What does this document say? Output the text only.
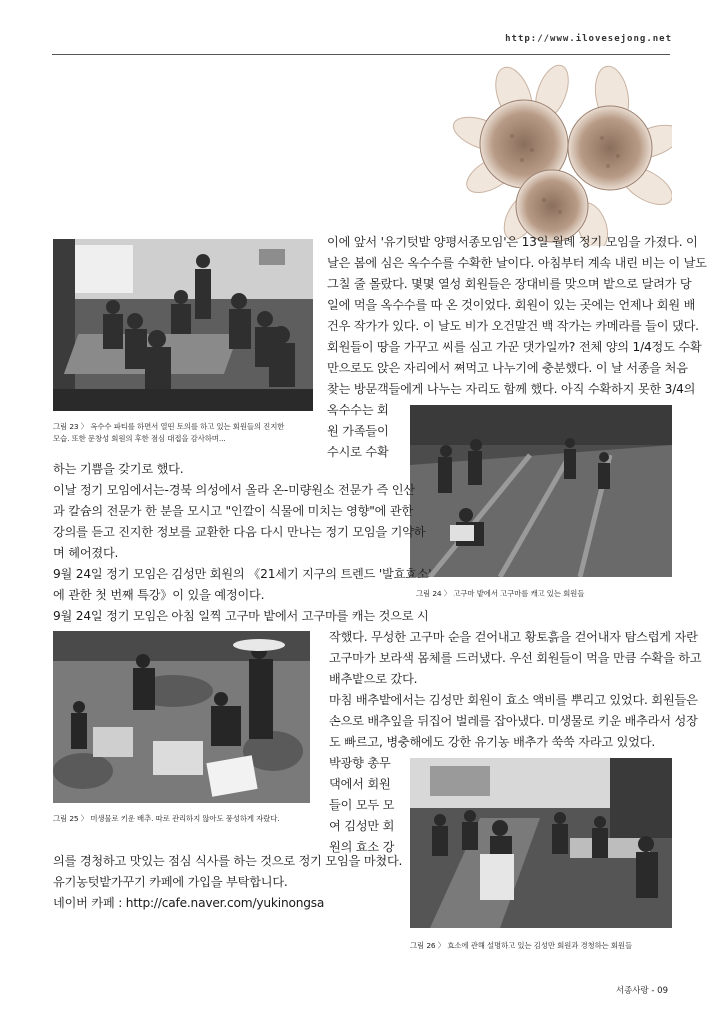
http://www.ilovesejong.net
그림 23 〉 옥수수 파티를 하면서 열띤 토의를 하고 있는 회원들의 진지한
모습. 또한 문창성 회원의 후한 점심 대접을 감사하며...
이에 앞서 '유기텃밭 양평서종모임'은 13일 월례 정기 모임을 가졌다. 이
날은 봄에 심은 옥수수를 수확한 날이다. 아침부터 계속 내린 비는 이 날도
그칠 줄 몰랐다. 몇몇 열성 회원들은 장대비를 맞으며 밭으로 달려가 당
일에 먹을 옥수수를 따 온 것이었다. 회원이 있는 곳에는 언제나 회원 배
건우 작가가 있다. 이 날도 비가 오건말건 백 작가는 카메라를 들이 댔다.
회원들이 땅을 가꾸고 씨를 심고 가꾼 댓가일까? 전체 양의 1/4정도 수확
만으로도 앉은 자리에서 쪄먹고 나누기에 충분했다. 이 날 서종을 처음
찾는 방문객들에게 나누는 자리도 함께 했다. 아직 수확하지 못한 3/4의
옥수수는 회
원 가족들이
수시로 수확
그림 24 〉 고구마 밭에서 고구마를 캐고 있는 회원들
하는 기쁨을 갖기로 했다.
이날 정기 모임에서는-경북 의성에서 올라 온-미량원소 전문가 즉 인산
과 칼슘의 전문가 한 분을 모시고 "인깔이 식물에 미치는 영향"에 관한
강의를 듣고 진지한 정보를 교환한 다음 다시 만나는 정기 모임을 기약하
며 헤어졌다.
9월 24일 정기 모임은 김성만 회원의 《21세기 지구의 트렌드 '발효효소'
에 관한 첫 번째 특강》이 있을 예정이다.
9월 24일 정기 모임은 아침 일찍 고구마 밭에서 고구마를 캐는 것으로 시
그림 25 〉 미생물로 키운 배추. 따로 관리하지 않아도 풍성하게 자랐다.
작했다. 무성한 고구마 순을 걷어내고 황토흙을 걷어내자 탐스럽게 자란
고구마가 보라색 몸체를 드러냈다. 우선 회원들이 먹을 만큼 수확을 하고
배추밭으로 갔다.
마침 배추밭에서는 김성만 회원이 효소 액비를 뿌리고 있었다. 회원들은
손으로 배추잎을 뒤집어 벌레를 잡아냈다. 미생물로 키운 배추라서 성장
도 빠르고, 병충해에도 강한 유기농 배추가 쑥쑥 자라고 있었다.
박광향 총무
댁에서 회원
들이 모두 모
여 김성만 회
원의 효소 강
그림 26 〉 효소에 관해 설명하고 있는 김성만 회원과 경청하는 회원들
의를 경청하고 맛있는 점심 식사를 하는 것으로 정기 모임을 마쳤다.
유기농텃밭가꾸기 카페에 가입을 부탁합니다.
네이버 카페 : http://cafe.naver.com/yukinongsa
서종사랑 - 09
